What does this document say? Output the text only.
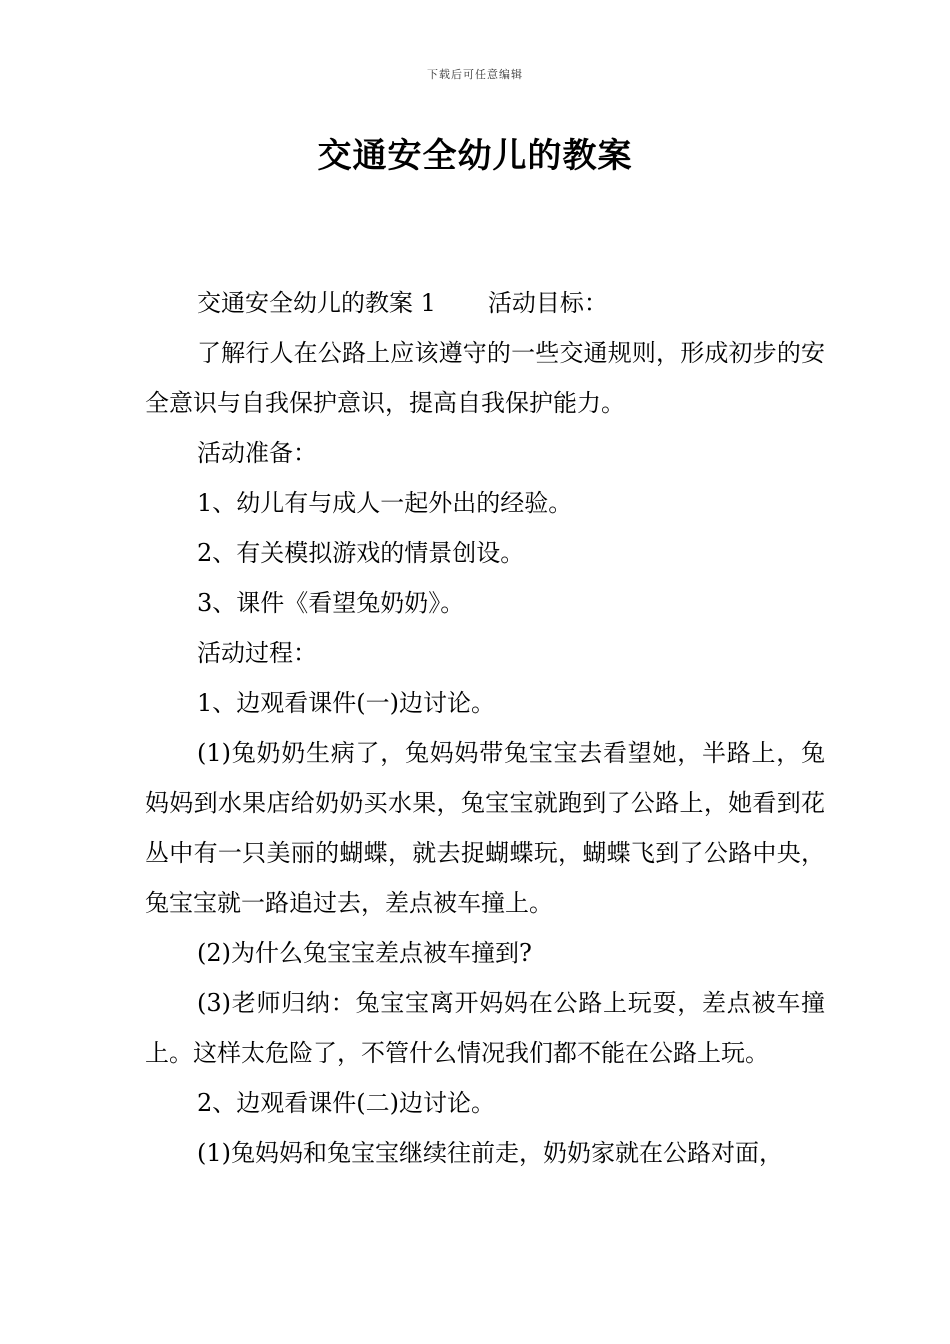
下载后可任意编辑
交通安全幼儿的教案

交通安全幼儿的教案 1 活动目标：

了解行人在公路上应该遵守的一些交通规则，形成初步的安全意识与自我保护意识，提高自我保护能力。

活动准备：

1、幼儿有与成人一起外出的经验。

2、有关模拟游戏的情景创设。

3、课件《看望兔奶奶》。

活动过程：

1、边观看课件(一)边讨论。

(1)兔奶奶生病了，兔妈妈带兔宝宝去看望她，半路上，兔妈妈到水果店给奶奶买水果，兔宝宝就跑到了公路上，她看到花丛中有一只美丽的蝴蝶，就去捉蝴蝶玩，蝴蝶飞到了公路中央，兔宝宝就一路追过去，差点被车撞上。

(2)为什么兔宝宝差点被车撞到?

(3)老师归纳：兔宝宝离开妈妈在公路上玩耍，差点被车撞上。这样太危险了，不管什么情况我们都不能在公路上玩。

2、边观看课件(二)边讨论。

(1)兔妈妈和兔宝宝继续往前走，奶奶家就在公路对面，
